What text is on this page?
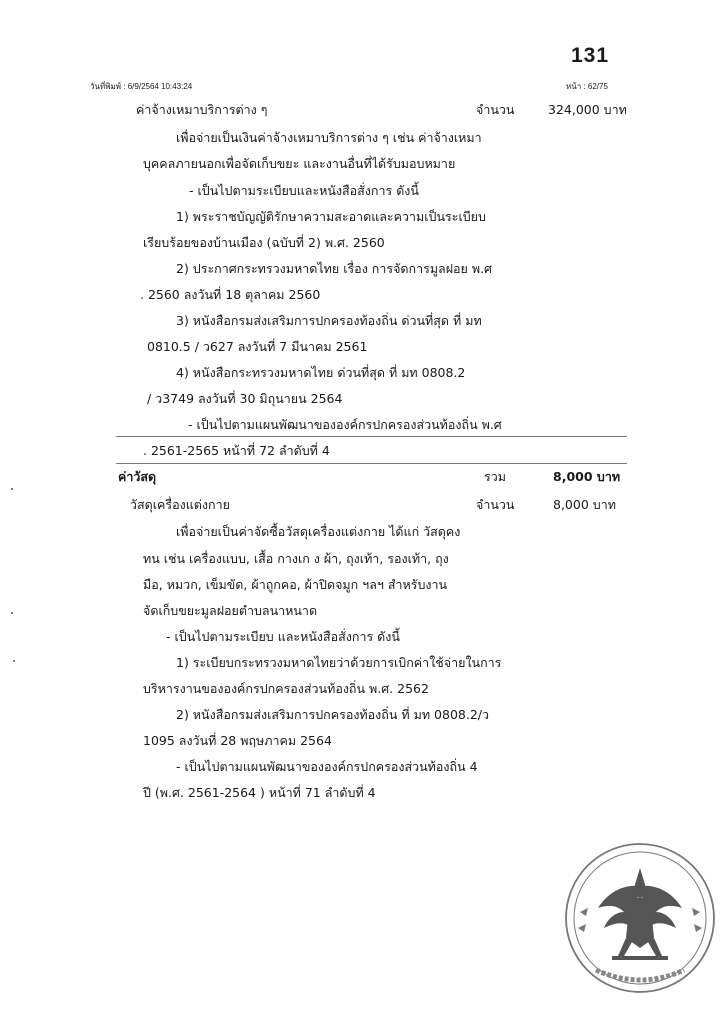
131
วันที่พิมพ์ : 6/9/2564 10:43:24	หน้า : 62/75
ค่าจ้างเหมาบริการต่าง ๆ	จำนวน	324,000 บาท
เพื่อจ่ายเป็นเงินค่าจ้างเหมาบริการต่าง ๆ เช่น ค่าจ้างเหมา
บุคคลภายนอกเพื่อจัดเก็บขยะ และงานอื่นที่ได้รับมอบหมาย
- เป็นไปตามระเบียบและหนังสือสั่งการ ดังนี้
1) พระราชบัญญัติรักษาความสะอาดและความเป็นระเบียบ
เรียบร้อยของบ้านเมือง (ฉบับที่ 2) พ.ศ. 2560
2) ประกาศกระทรวงมหาดไทย เรื่อง การจัดการมูลฝอย พ.ศ
. 2560 ลงวันที่ 18 ตุลาคม 2560
3) หนังสือกรมส่งเสริมการปกครองท้องถิ่น ด่วนที่สุด ที่ มท
0810.5 / ว627 ลงวันที่ 7 มีนาคม 2561
4) หนังสือกระทรวงมหาดไทย ด่วนที่สุด ที่ มท 0808.2
/ ว3749 ลงวันที่ 30 มิถุนายน 2564
- เป็นไปตามแผนพัฒนาขององค์กรปกครองส่วนท้องถิ่น พ.ศ
. 2561-2565 หน้าที่ 72 ลำดับที่ 4
ค่าวัสดุ	รวม	8,000 บาท
วัสดุเครื่องแต่งกาย	จำนวน	8,000 บาท
เพื่อจ่ายเป็นค่าจัดซื้อวัสดุเครื่องแต่งกาย ได้แก่ วัสดุคง
ทน เช่น เครื่องแบบ, เสื้อ กางเก ง ผ้า, ถุงเท้า, รองเท้า, ถุง
มือ, หมวก, เข็มขัด, ผ้าถูกคอ, ผ้าปิดจมูก ฯลฯ สำหรับงาน
จัดเก็บขยะมูลฝอยตำบลนาหนาด
- เป็นไปตามระเบียบ และหนังสือสั่งการ ดังนี้
1) ระเบียบกระทรวงมหาดไทยว่าด้วยการเบิกค่าใช้จ่ายในการ
บริหารงานขององค์กรปกครองส่วนท้องถิ่น พ.ศ. 2562
2) หนังสือกรมส่งเสริมการปกครองท้องถิ่น ที่ มท 0808.2/ว
1095 ลงวันที่ 28 พฤษภาคม 2564
- เป็นไปตามแผนพัฒนาขององค์กรปกครองส่วนท้องถิ่น 4
ปี (พ.ศ. 2561-2564 ) หน้าที่ 71 ลำดับที่ 4
